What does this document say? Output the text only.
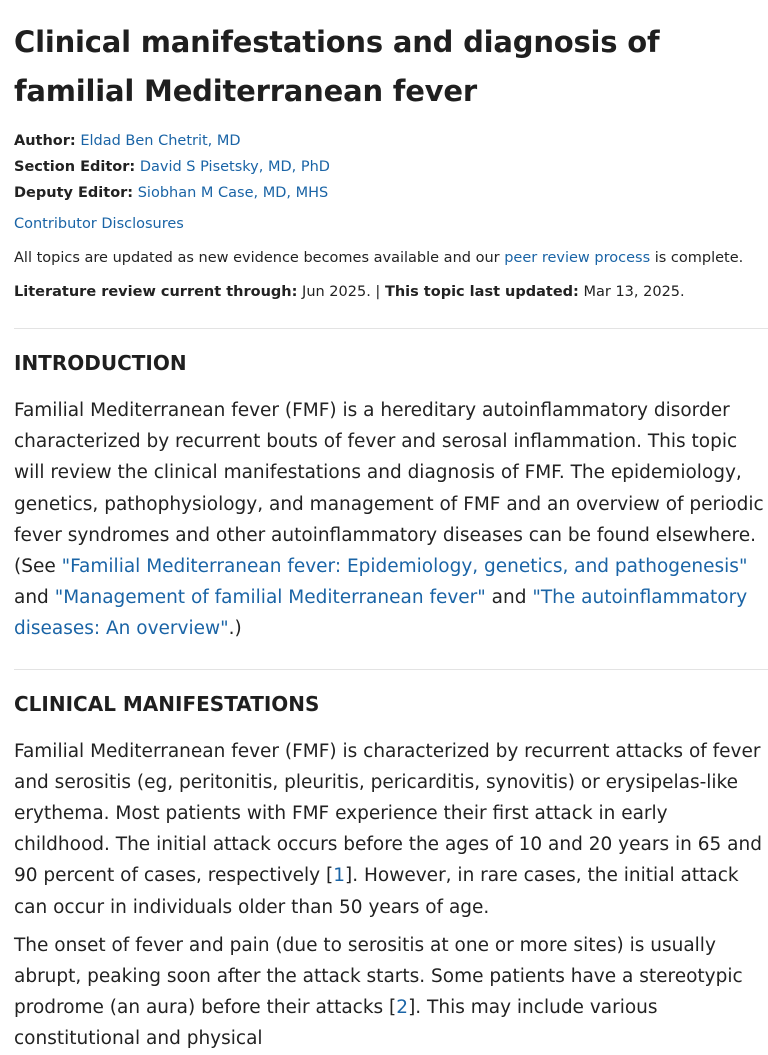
Clinical manifestations and diagnosis of familial Mediterranean fever
Author: Eldad Ben Chetrit, MD
Section Editor: David S Pisetsky, MD, PhD
Deputy Editor: Siobhan M Case, MD, MHS
Contributor Disclosures
All topics are updated as new evidence becomes available and our peer review process is complete.
Literature review current through: Jun 2025. | This topic last updated: Mar 13, 2025.
INTRODUCTION

Familial Mediterranean fever (FMF) is a hereditary autoinflammatory disorder characterized by recurrent bouts of fever and serosal inflammation. This topic will review the clinical manifestations and diagnosis of FMF. The epidemiology, genetics, pathophysiology, and management of FMF and an overview of periodic fever syndromes and other autoinflammatory diseases can be found elsewhere. (See "Familial Mediterranean fever: Epidemiology, genetics, and pathogenesis" and "Management of familial Mediterranean fever" and "The autoinflammatory diseases: An overview".)

CLINICAL MANIFESTATIONS

Familial Mediterranean fever (FMF) is characterized by recurrent attacks of fever and serositis (eg, peritonitis, pleuritis, pericarditis, synovitis) or erysipelas-like erythema. Most patients with FMF experience their first attack in early childhood. The initial attack occurs before the ages of 10 and 20 years in 65 and 90 percent of cases, respectively [1]. However, in rare cases, the initial attack can occur in individuals older than 50 years of age.

The onset of fever and pain (due to serositis at one or more sites) is usually abrupt, peaking soon after the attack starts. Some patients have a stereotypic prodrome (an aura) before their attacks [2]. This may include various constitutional and physical
